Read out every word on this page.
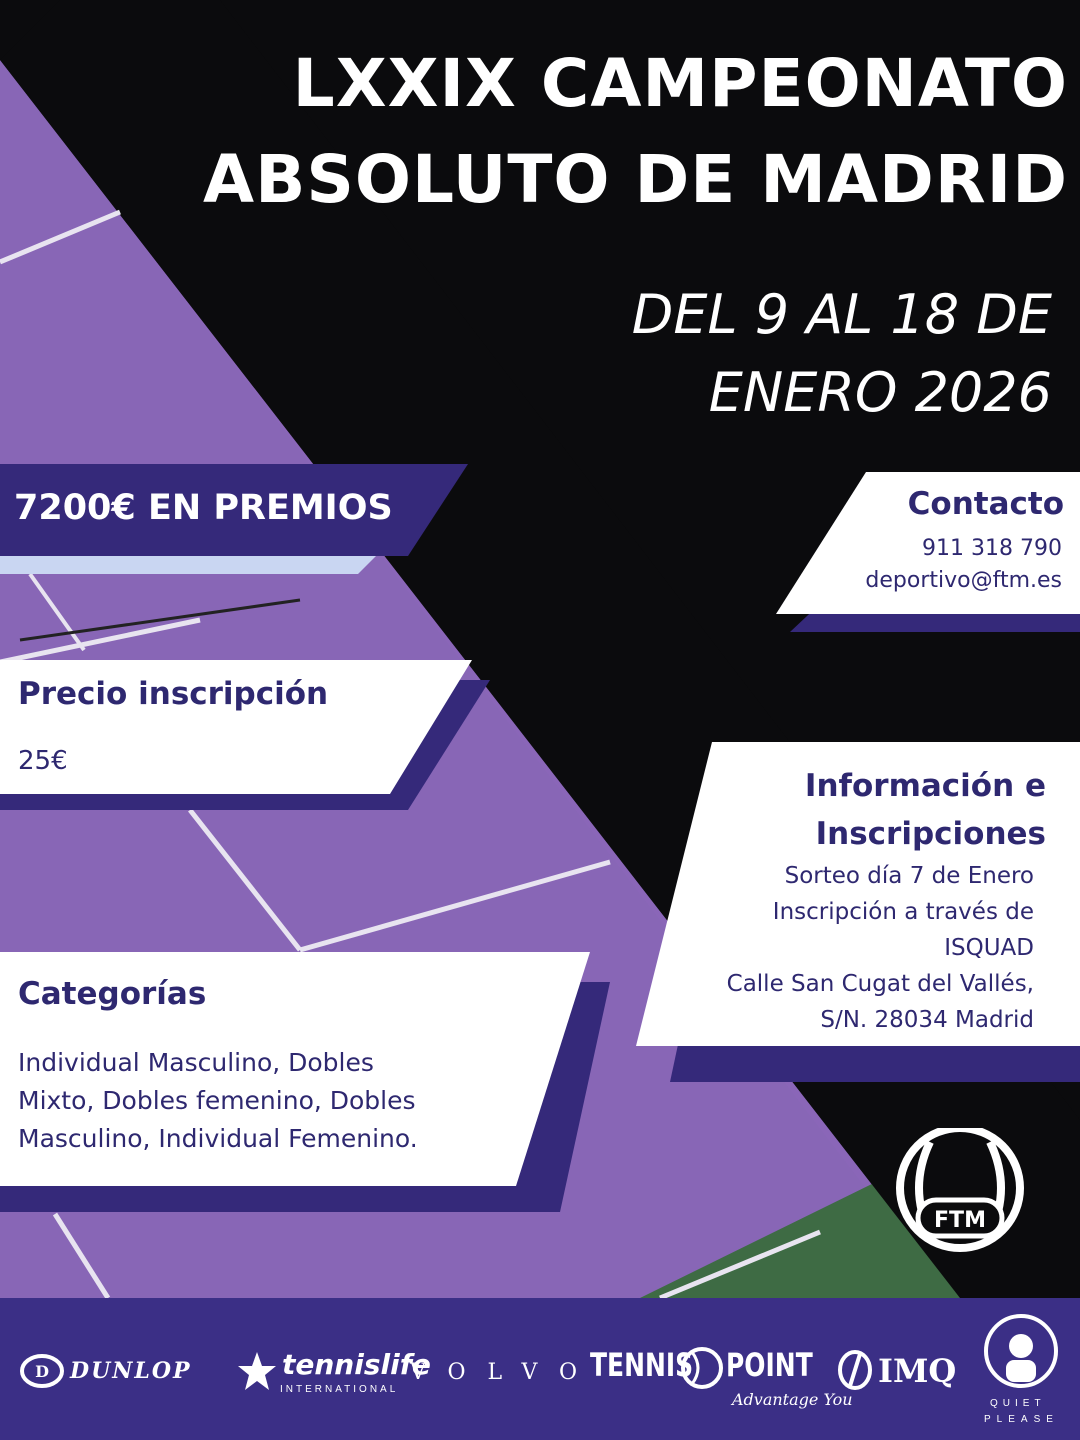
LXXIX CAMPEONATO
ABSOLUTO DE MADRID

DEL 9 AL 18 DE
ENERO 2026

7200€ EN PREMIOS	Contacto
911 318 790
deportivo@ftm.es
Precio inscripción
25€
Información e
Inscripciones
Sorteo día 7 de Enero
Inscripción a través de
ISQUAD
Calle San Cugat del Vallés,
S/N. 28034 Madrid
Categorías
Individual Masculino, Dobles
Mixto, Dobles femenino, Dobles
Masculino, Individual Femenino.
FTM
D DUNLOP	tennislife
INTERNATIONAL
VOLVO
TENNIS POINT
Advantage You
IMQ
QUIET
PLEASE
